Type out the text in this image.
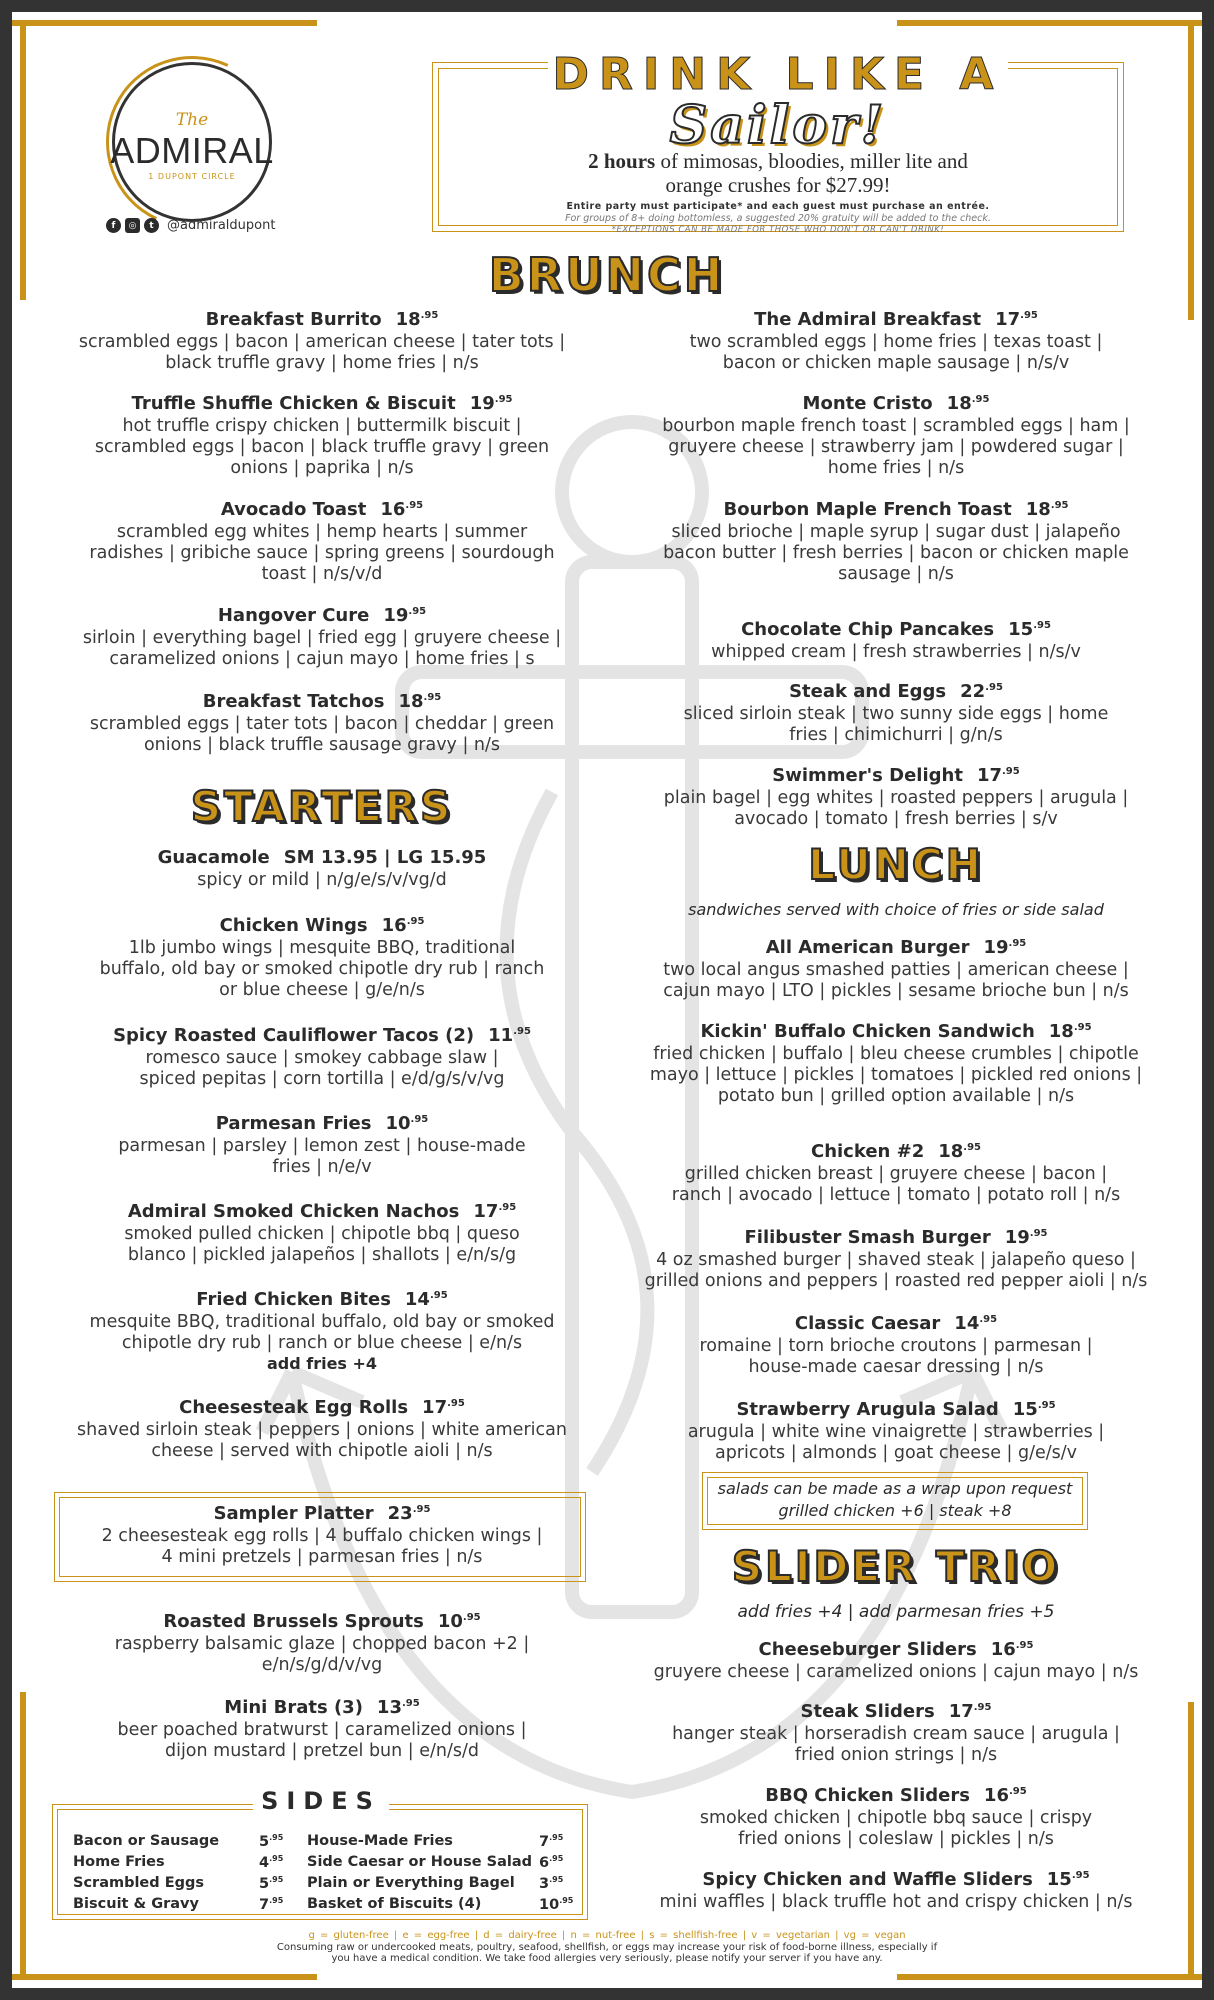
The
ADMIRAL
1 DUPONT CIRCLE
f	◎	t	@admiraldupont
DRINK LIKE A
Sailor!
2 hours of mimosas, bloodies, miller lite and
orange crushes for $27.99!
Entire party must participate* and each guest must purchase an entrée.
For groups of 8+ doing bottomless, a suggested 20% gratuity will be added to the check.
*EXCEPTIONS CAN BE MADE FOR THOSE WHO DON'T OR CAN'T DRINK!
BRUNCH
STARTERS
LUNCH
sandwiches served with choice of fries or side salad
SLIDER TRIO
add fries +4 | add parmesan fries +5
Breakfast Burrito $18^{.95}$
scrambled eggs | bacon | american cheese | tater tots |
black truffle gravy | home fries | n/s
Truffle Shuffle Chicken & Biscuit $19^{.95}$
hot truffle crispy chicken | buttermilk biscuit |
scrambled eggs | bacon | black truffle gravy | green
onions | paprika | n/s
Avocado Toast $16^{.95}$
scrambled egg whites | hemp hearts | summer
radishes | gribiche sauce | spring greens | sourdough
toast | n/s/v/d
Hangover Cure $19^{.95}$
sirloin | everything bagel | fried egg | gruyere cheese |
caramelized onions | cajun mayo | home fries | s
Breakfast Tatchos $18^{.95}$
scrambled eggs | tater tots | bacon | cheddar | green
onions | black truffle sausage gravy | n/s
The Admiral Breakfast $17^{.95}$
two scrambled eggs | home fries | texas toast |
bacon or chicken maple sausage | n/s/v
Monte Cristo $18^{.95}$
bourbon maple french toast | scrambled eggs | ham |
gruyere cheese | strawberry jam | powdered sugar |
home fries | n/s
Bourbon Maple French Toast $18^{.95}$
sliced brioche | maple syrup | sugar dust | jalapeño
bacon butter | fresh berries | bacon or chicken maple
sausage | n/s
Chocolate Chip Pancakes $15^{.95}$
whipped cream | fresh strawberries | n/s/v
Steak and Eggs $22^{.95}$
sliced sirloin steak | two sunny side eggs | home
fries | chimichurri | g/n/s
Swimmer's Delight $17^{.95}$
plain bagel | egg whites | roasted peppers | arugula |
avocado | tomato | fresh berries | s/v
Guacamole SM 13.95 | LG 15.95
spicy or mild | n/g/e/s/v/vg/d
Chicken Wings $16^{.95}$
1lb jumbo wings | mesquite BBQ, traditional
buffalo, old bay or smoked chipotle dry rub | ranch
or blue cheese | g/e/n/s
Spicy Roasted Cauliflower Tacos (2) $11^{.95}$
romesco sauce | smokey cabbage slaw |
spiced pepitas | corn tortilla | e/d/g/s/v/vg
Parmesan Fries $10^{.95}$
parmesan | parsley | lemon zest | house-made
fries | n/e/v
Admiral Smoked Chicken Nachos $17^{.95}$
smoked pulled chicken | chipotle bbq | queso
blanco | pickled jalapeños | shallots | e/n/s/g
Fried Chicken Bites $14^{.95}$
mesquite BBQ, traditional buffalo, old bay or smoked
chipotle dry rub | ranch or blue cheese | e/n/s
add fries +4
Cheesesteak Egg Rolls $17^{.95}$
shaved sirloin steak | peppers | onions | white american
cheese | served with chipotle aioli | n/s
Sampler Platter $23^{.95}$
2 cheesesteak egg rolls | 4 buffalo chicken wings |
4 mini pretzels | parmesan fries | n/s
Roasted Brussels Sprouts $10^{.95}$
raspberry balsamic glaze | chopped bacon +2 |
e/n/s/g/d/v/vg
Mini Brats (3) $13^{.95}$
beer poached bratwurst | caramelized onions |
dijon mustard | pretzel bun | e/n/s/d
All American Burger $19^{.95}$
two local angus smashed patties | american cheese |
cajun mayo | LTO | pickles | sesame brioche bun | n/s
Kickin' Buffalo Chicken Sandwich $18^{.95}$
fried chicken | buffalo | bleu cheese crumbles | chipotle
mayo | lettuce | pickles | tomatoes | pickled red onions |
potato bun | grilled option available | n/s
Chicken #2 $18^{.95}$
grilled chicken breast | gruyere cheese | bacon |
ranch | avocado | lettuce | tomato | potato roll | n/s
Filibuster Smash Burger $19^{.95}$
4 oz smashed burger | shaved steak | jalapeño queso |
grilled onions and peppers | roasted red pepper aioli | n/s
Classic Caesar $14^{.95}$
romaine | torn brioche croutons | parmesan |
house-made caesar dressing | n/s
Strawberry Arugula Salad $15^{.95}$
arugula | white wine vinaigrette | strawberries |
apricots | almonds | goat cheese | g/e/s/v
salads can be made as a wrap upon request
grilled chicken +6 | steak +8
Cheeseburger Sliders $16^{.95}$
gruyere cheese | caramelized onions | cajun mayo | n/s
Steak Sliders $17^{.95}$
hanger steak | horseradish cream sauce | arugula |
fried onion strings | n/s
BBQ Chicken Sliders $16^{.95}$
smoked chicken | chipotle bbq sauce | crispy
fried onions | coleslaw | pickles | n/s
Spicy Chicken and Waffle Sliders $15^{.95}$
mini waffles | black truffle hot and crispy chicken | n/s
SIDES
Bacon or Sausage	$5^{.95}$
Home Fries	$4^{.95}$
Scrambled Eggs	$5^{.95}$
Biscuit & Gravy	$7^{.95}$
House-Made Fries	$7^{.95}$
Side Caesar or House Salad $6^{.95}$
Plain or Everything Bagel $3^{.95}$
Basket of Biscuits (4)	$10^{.95}$
g = gluten-free | e = egg-free | d = dairy-free | n = nut-free | s = shellfish-free | v = vegetarian | vg = vegan
Consuming raw or undercooked meats, poultry, seafood, shellfish, or eggs may increase your risk of food-borne illness, especially if
you have a medical condition. We take food allergies very seriously, please notify your server if you have any.
